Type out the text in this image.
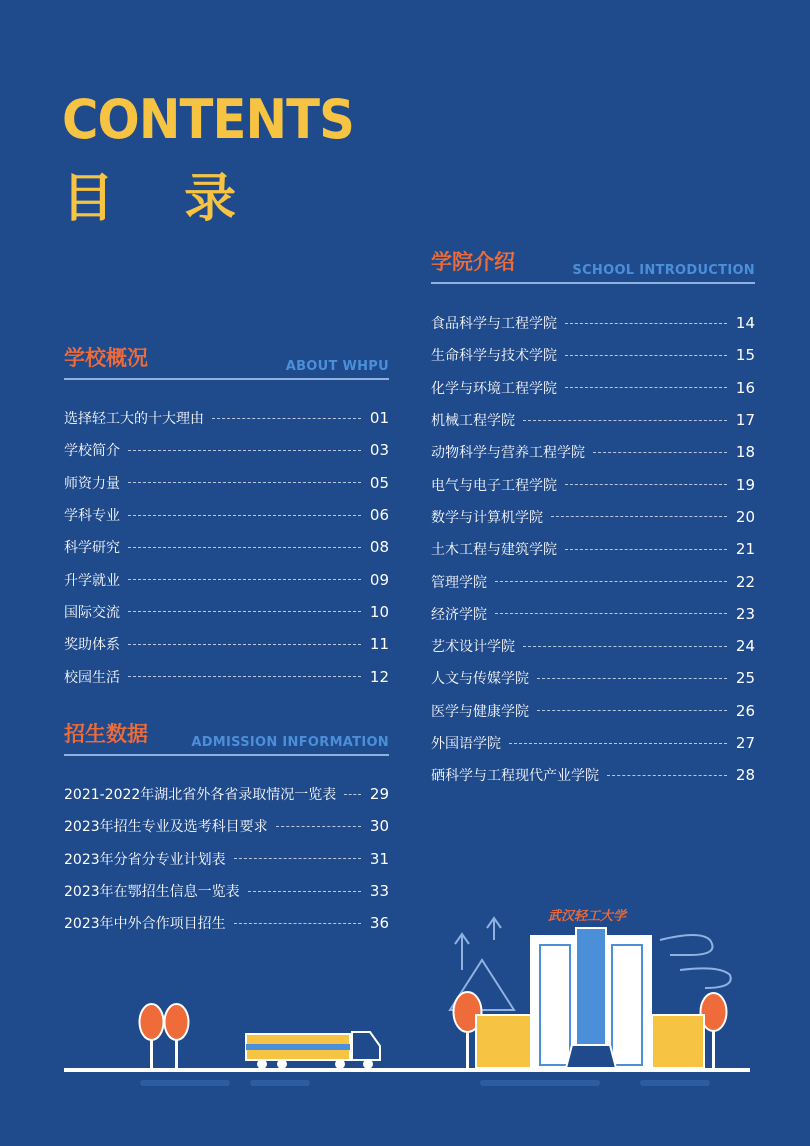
CONTENTS
目 录
学校概况	ABOUT WHPU
选择轻工大的十大理由	01
学校简介	03
师资力量	05
学科专业	06
科学研究	08
升学就业	09
国际交流	10
奖助体系	11
校园生活	12
招生数据	ADMISSION INFORMATION
2021-2022年湖北省外各省录取情况一览表 29
2023年招生专业及选考科目要求	30
2023年分省分专业计划表	31
2023年在鄂招生信息一览表	33
2023年中外合作项目招生	36
学院介绍	SCHOOL INTRODUCTION
食品科学与工程学院	14
生命科学与技术学院	15
化学与环境工程学院	16
机械工程学院	17
动物科学与营养工程学院	18
电气与电子工程学院	19
数学与计算机学院	20
土木工程与建筑学院	21
管理学院	22
经济学院	23
艺术设计学院	24
人文与传媒学院	25
医学与健康学院	26
外国语学院	27
硒科学与工程现代产业学院	28
武汉轻工大学
